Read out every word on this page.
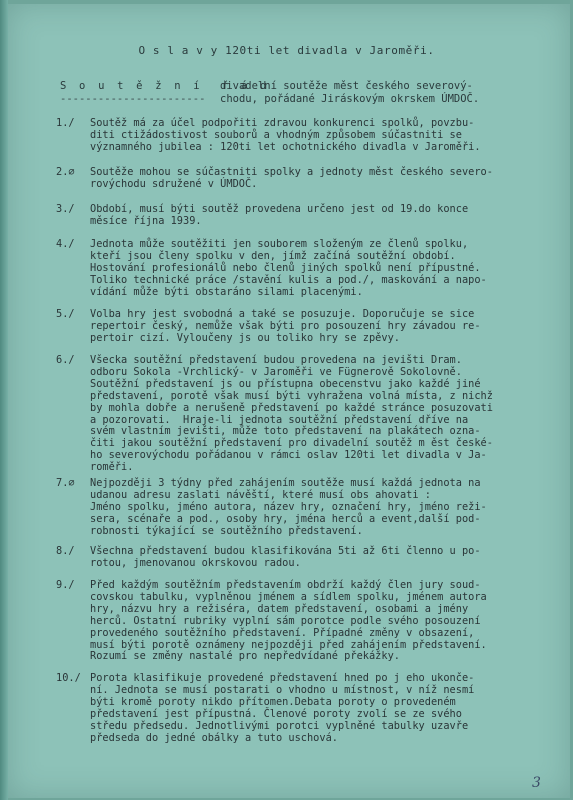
O s l a v y 120ti let divadla v Jaroměři.
S o u t ě ž n í  ř á d
divadelní soutěže měst českého severový-
-----------------------	chodu, pořádané Jiráskovým okrskem ÚMDOČ.
1./	Soutěž má za účel podpořiti zdravou konkurenci spolků, povzbu-
diti ctižádostivost souborů a vhodným způsobem súčastniti se
významného jubilea : 120ti let ochotnického divadla v Jaroměři.
2.∅	Soutěže mohou se súčastniti spolky a jednoty měst českého severo-
rovýchodu sdružené v ÚMDOČ.
3./	Období, musí býti soutěž provedena určeno jest od 19.do konce
měsíce října 1939.
4./	Jednota může soutěžiti jen souborem složeným ze členů spolku,
kteří jsou členy spolku v den, jímž začíná soutěžní období.
Hostování profesionálů nebo členů jiných spolků není přípustné.
Toliko technické práce /stavění kulis a pod./, maskování a napo-
vídání může býti obstaráno silami placenými.
5./	Volba hry jest svobodná a také se posuzuje. Doporučuje se sice
repertoir český, nemůže však býti pro posouzení hry závadou re-
pertoir cizí. Vyloučeny js ou toliko hry se zpěvy.
6./	Všecka soutěžní představení budou provedena na jevišti Dram.
odboru Sokola -Vrchlický- v Jaroměři ve Fügnerově Sokolovně.
Soutěžní představení js ou přístupna obecenstvu jako každé jiné
představení, porotě však musí býti vyhražena volná místa, z nichž
by mohla dobře a nerušeně představení po každé stránce posuzovati
a pozorovati.  Hraje-li jednota soutěžní představení dříve na
svém vlastním jevišti, může toto představení na plakátech ozna-
čiti jakou soutěžní představení pro divadelní soutěž m ěst české-
ho severovýchodu pořádanou v rámci oslav 120ti let divadla v Ja-
roměři.
7.∅	Nejpozději 3 týdny před zahájením soutěže musí každá jednota na
udanou adresu zaslati návěští, které musí obs ahovati :
Jméno spolku, jméno autora, název hry, označení hry, jméno reži-
sera, scénaře a pod., osoby hry, jména herců a event,další pod-
robnosti týkající se soutěžního představení.
8./	Všechna představení budou klasifikována 5ti až 6ti členno u po-
rotou, jmenovanou okrskovou radou.
9./	Před každým soutěžním představením obdrží každý člen jury soud-
covskou tabulku, vyplněnou jménem a sídlem spolku, jménem autora
hry, názvu hry a režiséra, datem představení, osobami a jmény
herců. Ostatní rubriky vyplní sám porotce podle svého posouzení
provedeného soutěžního představení. Případné změny v obsazení,
musí býti porotě oznámeny nejpozději před zahájením představení.
Rozumí se změny nastalé pro nepředvídané překážky.
10./ Porota klasifikuje provedené představení hned po j eho ukonče-
ní. Jednota se musí postarati o vhodno u místnost, v níž nesmí
býti kromě poroty nikdo přítomen.Debata poroty o provedeném
představení jest přípustná. Členové poroty zvolí se ze svého
středu předsedu. Jednotlivými porotci vyplněné tabulky uzavře
předseda do jedné obálky a tuto uschová.
3
